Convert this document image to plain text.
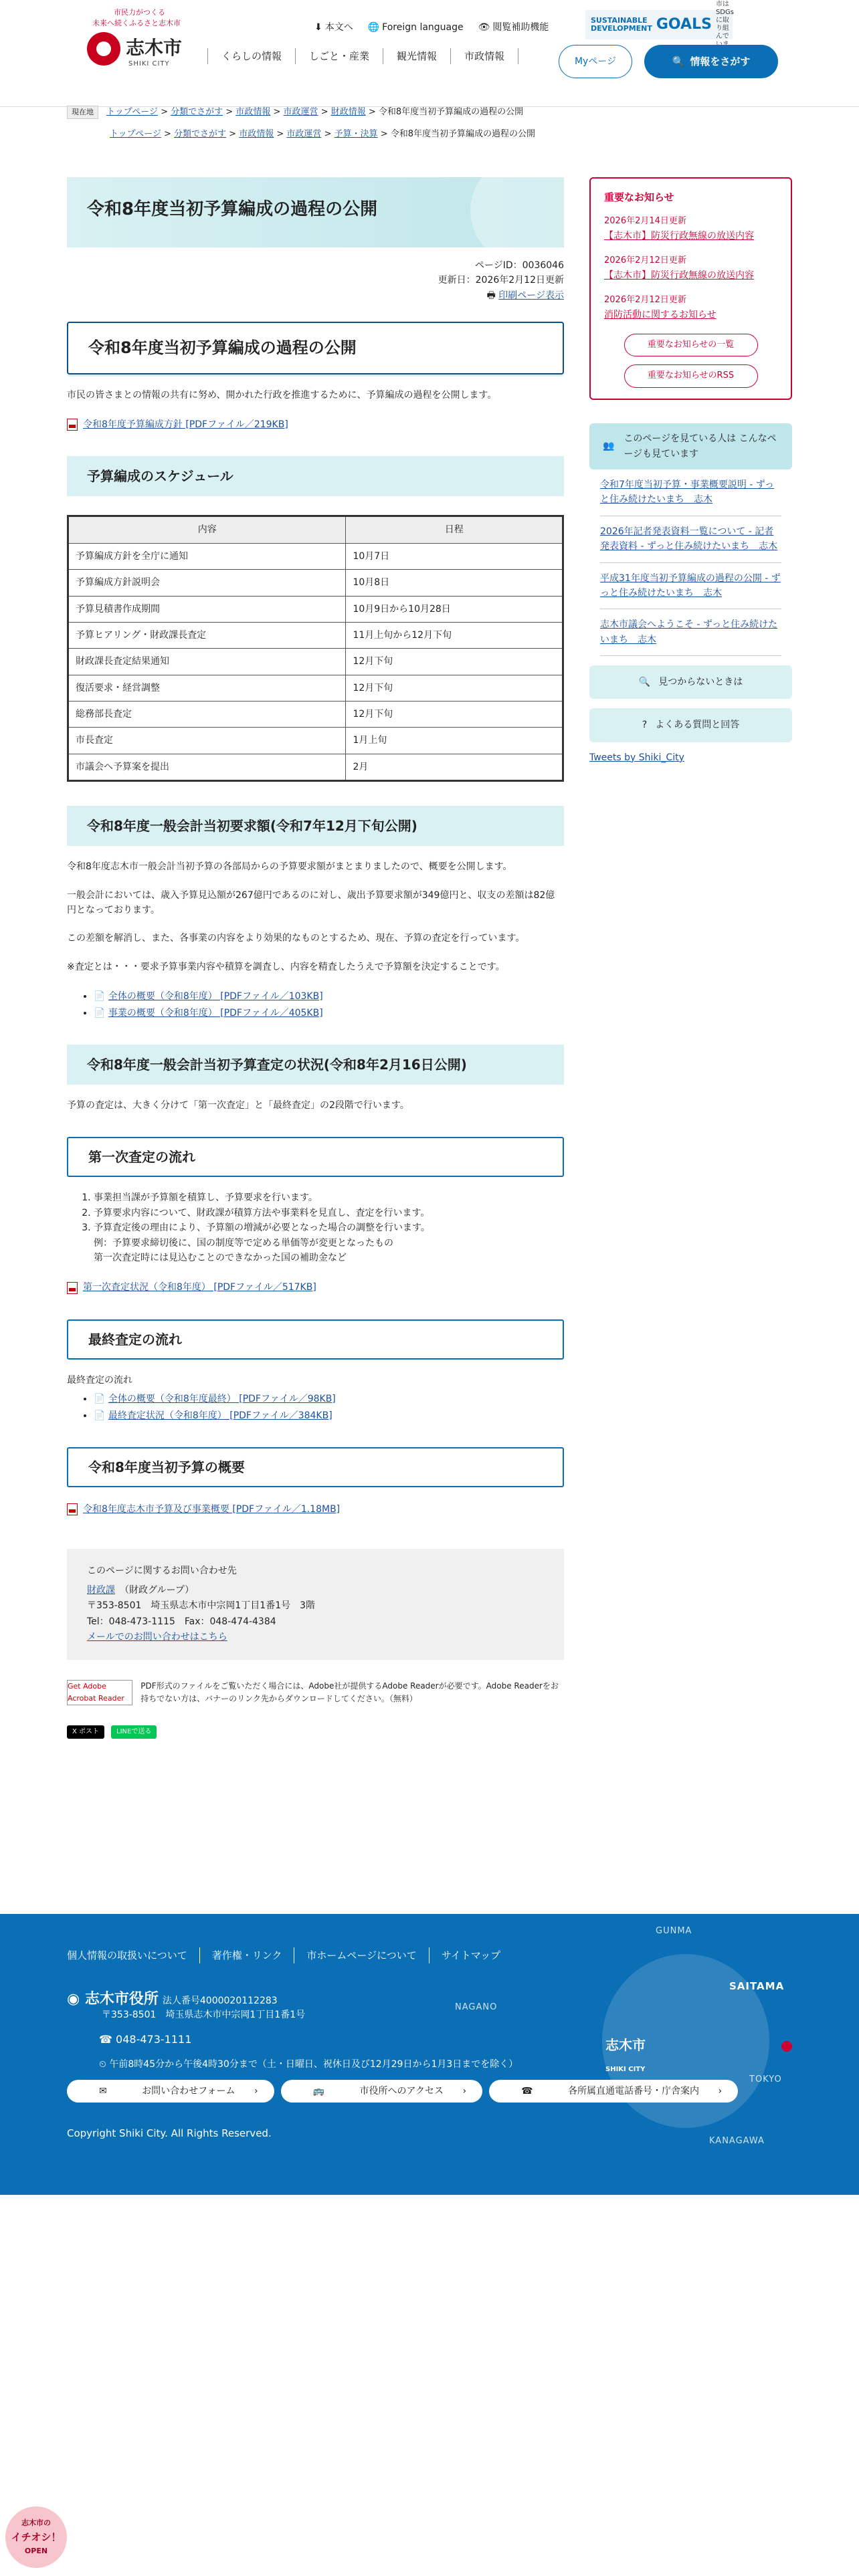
市民力がつくる
未来へ続くふるさと志木市
志木市
SHIKI CITY
⬇ 本文へ 🌐 Foreign language 👁 閲覧補助機能
SUSTAINABLE DEVELOPMENT GOALS
市はSDGsに取り組んで
くらしの情報	しごと・産業	観光情報	市政情報	Myページ	🔍 情報をさがす
現在地 トップページ > 分類でさがす > 市政情報 > 市政運営 > 財政情報 > 令和8年度当初予算編成の過程の公開
トップページ > 分類でさがす > 市政情報 > 市政運営 > 予算・決算 > 令和8年度当初予算編成の過程の公開
令和8年度当初予算編成の過程の公開
ページID：0036046
更新日：2026年2月12日更新
🖶 印刷ページ表示
令和8年度当初予算編成の過程の公開

市民の皆さまとの情報の共有に努め、開かれた行政を推進するために、予算編成の過程を公開します。

令和8年度予算編成方針 [PDFファイル／219KB]
予算編成のスケジュール
内容	日程
予算編成方針を全庁に通知	10月7日
予算編成方針説明会	10月8日
予算見積書作成期間	10月9日から10月28日
予算ヒアリング・財政課長査定	11月上旬から12月下旬
財政課長査定結果通知	12月下旬
復活要求・経営調整	12月下旬
総務部長査定	12月下旬
市長査定	1月上旬
市議会へ予算案を提出	2月
令和8年度一般会計当初要求額(令和7年12月下旬公開)

令和8年度志木市一般会計当初予算の各部局からの予算要求額がまとまりましたので、概要を公開します。

一般会計においては、歳入予算見込額が267億円であるのに対し、歳出予算要求額が349億円と、収支の差額は82億円となっております。

この差額を解消し、また、各事業の内容をより効果的なものとするため、現在、予算の査定を行っています。

※査定とは・・・要求予算事業内容や積算を調査し、内容を精査したうえで予算額を決定することです。

• 📄 全体の概要（令和8年度） [PDFファイル／103KB]
• 📄 事業の概要（令和8年度） [PDFファイル／405KB]
令和8年度一般会計当初予算査定の状況(令和8年2月16日公開)

予算の査定は、大きく分けて「第一次査定」と「最終査定」の2段階で行います。

第一次査定の流れ
1. 事業担当課が予算額を積算し、予算要求を行います。
2. 予算要求内容について、財政課が積算方法や事業料を見直し、査定を行います。
3. 予算査定後の理由により、予算額の増減が必要となった場合の調整を行います。
例：予算要求締切後に、国の制度等で定める単価等が変更となったもの
第一次査定時には見込むことのできなかった国の補助金など
第一次査定状況（令和8年度） [PDFファイル／517KB]
最終査定の流れ

最終査定の流れ

• 📄 全体の概要（令和8年度最終） [PDFファイル／98KB]
• 📄 最終査定状況（令和8年度） [PDFファイル／384KB]
令和8年度当初予算の概要
令和8年度志木市予算及び事業概要 [PDFファイル／1.18MB]
このページに関するお問い合わせ先
財政課　 （財政グループ）
〒353-8501　埼玉県志木市中宗岡1丁目1番1号　3階
Tel：048-473-1115　Fax：048-474-4384
メールでのお問い合わせはこちら
Get Adobe Acrobat Reader
PDF形式のファイルをご覧いただく場合には、Adobe社が提供するAdobe Readerが必要です。Adobe Readerをお持ちでない方は、バナーのリンク先からダウンロードしてください。（無料）
X ポスト	LINEで送る
重要なお知らせ
2026年2月14日更新
【志木市】防災行政無線の放送内容
2026年2月12日更新
【志木市】防災行政無線の放送内容
2026年2月12日更新
消防活動に関するお知らせ
重要なお知らせの一覧
重要なお知らせのRSS
👥
このページを見ている人は こんなページも見ています
令和7年度当初予算・事業概要説明 - ずっと住み続けたいまち　志木
2026年記者発表資料一覧について - 記者発表資料 - ずっと住み続けたいまち　志木
平成31年度当初予算編成の過程の公開 - ずっと住み続けたいまち　志木
志木市議会へようこそ - ずっと住み続けたいまち　志木
🔍 見つからないときは
? よくある質問と回答
Tweets by Shiki_City
志木市
SHIKI CITY
GUNMA
SAITAMA
NAGANO
TOKYO
KANAGAWA
個人情報の取扱いについて	著作権・リンク	市ホームページについて	サイトマップ
◉ 志木市役所 法人番号4000020112283
〒353-8501　埼玉県志木市中宗岡1丁目1番1号
☎ 048-473-1111
⏲ 午前8時45分から午後4時30分まで（土・日曜日、祝休日及び12月29日から1月3日までを除く）
✉	お問い合わせフォーム ›	🚌	市役所へのアクセス ›	☎	各所属直通電話番号・庁舎案内 ›
Copyright Shiki City. All Rights Reserved.
志木市の
イチオシ！
OPEN
